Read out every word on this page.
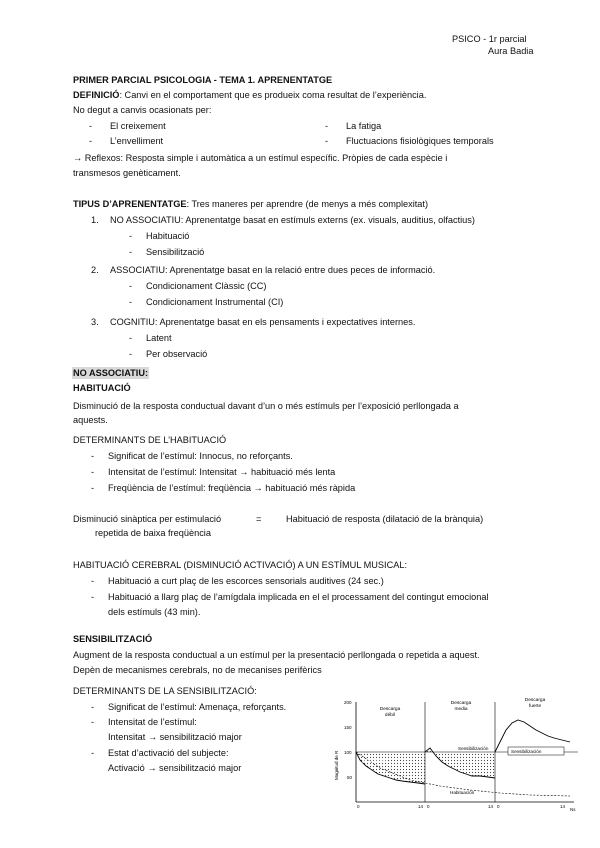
PSICO - 1r parcial
Aura Badia
PRIMER PARCIAL PSICOLOGIA - TEMA 1. APRENENTATGE
DEFINICIÓ: Canvi en el comportament que es produeix coma resultat de l’experiència.
No degut a canvis ocasionats per:
- El creixement
- L’envelliment
- La fatiga
- Fluctuacions fisiològiques temporals
→ Reflexos: Resposta simple i automàtica a un estímul específic. Pròpies de cada espècie i
transmesos genèticament.
TIPUS D’APRENENTATGE: Tres maneres per aprendre (de menys a més complexitat)
1. NO ASSOCIATIU: Aprenentatge basat en estímuls externs (ex. visuals, auditius, olfactius)
- Habituació
- Sensibilització
2. ASSOCIATIU: Aprenentatge basat en la relació entre dues peces de informació.
- Condicionament Clàssic (CC)
- Condicionament Instrumental (CI)
3. COGNITIU: Aprenentatge basat en els pensaments i expectatives internes.
- Latent
- Per observació
NO ASSOCIATIU:
HABITUACIÓ
Disminució de la resposta conductual davant d’un o més estímuls per l’exposició perllongada a
aquests.
DETERMINANTS DE L’HABITUACIÓ
- Significat de l’estímul: Innocus, no reforçants.
- Intensitat de l’estímul: Intensitat → habituació més lenta
- Freqüència de l’estímul: freqüència → habituació més ràpida
Disminució sinàptica per estimulació
repetida de baixa freqüència
=	Habituació de resposta (dilatació de la brànquia)
HABITUACIÓ CEREBRAL (DISMINUCIÓ ACTIVACIÓ) A UN ESTÍMUL MUSICAL:
- Habituació a curt plaç de les escorces sensorials auditives (24 sec.)
- Habituació a llarg plaç de l’amígdala implicada en el el processament del contingut emocional
dels estímuls (43 min).
SENSIBILITZACIÓ
Augment de la resposta conductual a un estímul per la presentació perllongada o repetida a aquest.
Depèn de mecanismes cerebrals, no de mecanises perifèrics
DETERMINANTS DE LA SENSIBILITZACIÓ:
- Significat de l’estímul: Amenaça, reforçants.
- Intensitat de l’estímul:
Intensitat → sensibilització major
- Estat d’activació del subjecte:
Activació → sensibilització major
200
150
100
50
Magnitud de R
0	14 0	14 0	14
Ns
Descarga
débil
Descarga
media
Descarga
fuerte
Habituación
Sensibilización
Habituación
Sensibilización
